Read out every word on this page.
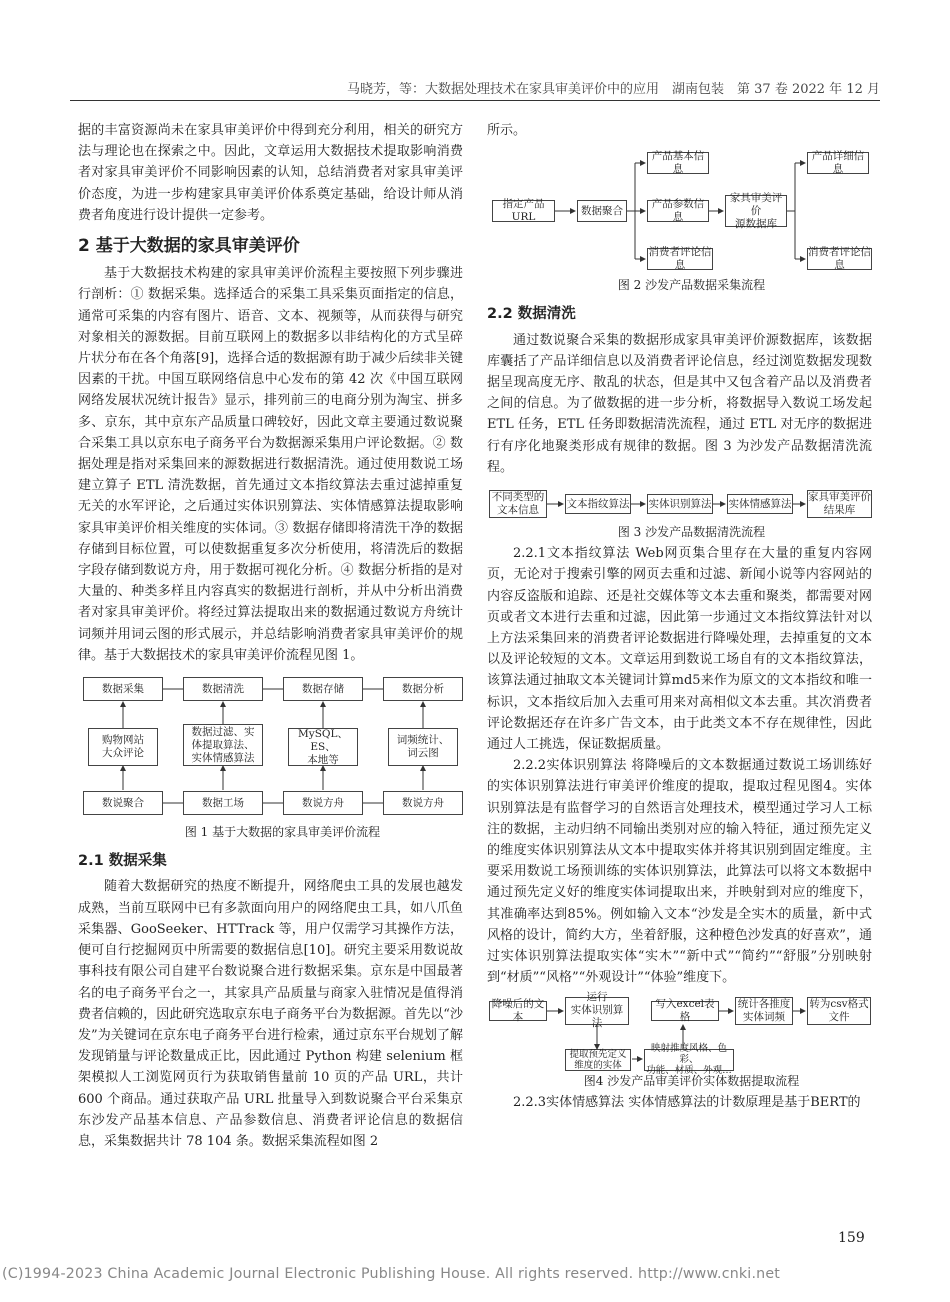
马晓芳，等：大数据处理技术在家具审美评价中的应用　湖南包装　第 37 卷 2022 年 12 月

据的丰富资源尚未在家具审美评价中得到充分利用，相关的研究方法与理论也在探索之中。因此，文章运用大数据技术提取影响消费者对家具审美评价不同影响因素的认知，总结消费者对家具审美评价态度，为进一步构建家具审美评价体系奠定基础，给设计师从消费者角度进行设计提供一定参考。

2 基于大数据的家具审美评价

基于大数据技术构建的家具审美评价流程主要按照下列步骤进行剖析：① 数据采集。选择适合的采集工具采集页面指定的信息，通常可采集的内容有图片、语音、文本、视频等，从而获得与研究对象相关的源数据。目前互联网上的数据多以非结构化的方式呈碎片状分布在各个角落[9]，选择合适的数据源有助于减少后续非关键因素的干扰。中国互联网络信息中心发布的第 42 次《中国互联网网络发展状况统计报告》显示，排列前三的电商分别为淘宝、拼多多、京东，其中京东产品质量口碑较好，因此文章主要通过数说聚合采集工具以京东电子商务平台为数据源采集用户评论数据。② 数据处理是指对采集回来的源数据进行数据清洗。通过使用数说工场建立算子 ETL 清洗数据，首先通过文本指纹算法去重过滤掉重复无关的水军评论，之后通过实体识别算法、实体情感算法提取影响家具审美评价相关维度的实体词。③ 数据存储即将清洗干净的数据存储到目标位置，可以使数据重复多次分析使用，将清洗后的数据字段存储到数说方舟，用于数据可视化分析。④ 数据分析指的是对大量的、种类多样且内容真实的数据进行剖析，并从中分析出消费者对家具审美评价。将经过算法提取出来的数据通过数说方舟统计词频并用词云图的形式展示，并总结影响消费者家具审美评价的规律。基于大数据技术的家具审美评价流程见图 1。

数据采集	数据清洗	数据存储	数据分析
购物网站
大众评论
数据过滤、实
体提取算法、
实体情感算法
MySQL、ES、
本地等
词频统计、
词云图
数说聚合	数据工场	数说方舟	数说方舟

图 1 基于大数据的家具审美评价流程

2.1 数据采集

随着大数据研究的热度不断提升，网络爬虫工具的发展也越发成熟，当前互联网中已有多款面向用户的网络爬虫工具，如八爪鱼采集器、GooSeeker、HTTrack 等，用户仅需学习其操作方法，便可自行挖掘网页中所需要的数据信息[10]。研究主要采用数说故事科技有限公司自建平台数说聚合进行数据采集。京东是中国最著名的电子商务平台之一，其家具产品质量与商家入驻情况是值得消费者信赖的，因此研究选取京东电子商务平台为数据源。首先以“沙发”为关键词在京东电子商务平台进行检索，通过京东平台规划了解发现销量与评论数量成正比，因此通过 Python 构建 selenium 框架模拟人工浏览网页行为获取销售量前 10 页的产品 URL，共计 600 个商品。通过获取产品 URL 批量导入到数说聚合平台采集京东沙发产品基本信息、产品参数信息、消费者评论信息的数据信息，采集数据共计 78 104 条。数据采集流程如图 2

所示。

指定产品URL
数据聚合
产品基本信息
产品参数信息
消费者评论信息
家具审美评价
源数据库
产品详细信息
消费者评论信息

图 2 沙发产品数据采集流程

2.2 数据清洗

通过数说聚合采集的数据形成家具审美评价源数据库，该数据库囊括了产品详细信息以及消费者评论信息，经过浏览数据发现数据呈现高度无序、散乱的状态，但是其中又包含着产品以及消费者之间的信息。为了做数据的进一步分析，将数据导入数说工场发起 ETL 任务，ETL 任务即数据清洗流程，通过 ETL 对无序的数据进行有序化地聚类形成有规律的数据。图 3 为沙发产品数据清洗流程。

不同类型的
文本信息
文本指纹算法 实体识别算法 实体情感算法
家具审美评价
结果库

图 3 沙发产品数据清洗流程

2.2.1文本指纹算法 Web网页集合里存在大量的重复内容网页，无论对于搜索引擎的网页去重和过滤、新闻小说等内容网站的内容反盗版和追踪、还是社交媒体等文本去重和聚类，都需要对网页或者文本进行去重和过滤，因此第一步通过文本指纹算法针对以上方法采集回来的消费者评论数据进行降噪处理，去掉重复的文本以及评论较短的文本。文章运用到数说工场自有的文本指纹算法，该算法通过抽取文本关键词计算md5来作为原文的文本指纹和唯一标识，文本指纹后加入去重可用来对高相似文本去重。其次消费者评论数据还存在许多广告文本，由于此类文本不存在规律性，因此通过人工挑选，保证数据质量。

2.2.2实体识别算法 将降噪后的文本数据通过数说工场训练好的实体识别算法进行审美评价维度的提取，提取过程见图4。实体识别算法是有监督学习的自然语言处理技术，模型通过学习人工标注的数据，主动归纳不同输出类别对应的输入特征，通过预先定义的维度实体识别算法从文本中提取实体并将其识别到固定维度。主要采用数说工场预训练的实体识别算法，此算法可以将文本数据中通过预先定义好的维度实体词提取出来，并映射到对应的维度下，其准确率达到85%。例如输入文本“沙发是全实木的质量，新中式风格的设计，简约大方，坐着舒服，这种橙色沙发真的好喜欢”，通过实体识别算法提取实体“实木”“新中式”“简约”“舒服”分别映射到“材质”“风格”“外观设计”“体验”维度下。

降噪后的文本
运行
实体识别算法
提取预先定义
维度的实体
映射推度风格、色彩、
功能、材质、外观…
写入excel表格
统计各推度
实体词频
转为csv格式
文件

图4 沙发产品审美评价实体数据提取流程

2.2.3实体情感算法 实体情感算法的计数原理是基于BERT的

159
(C)1994-2023 China Academic Journal Electronic Publishing House. All rights reserved. http://www.cnki.net
